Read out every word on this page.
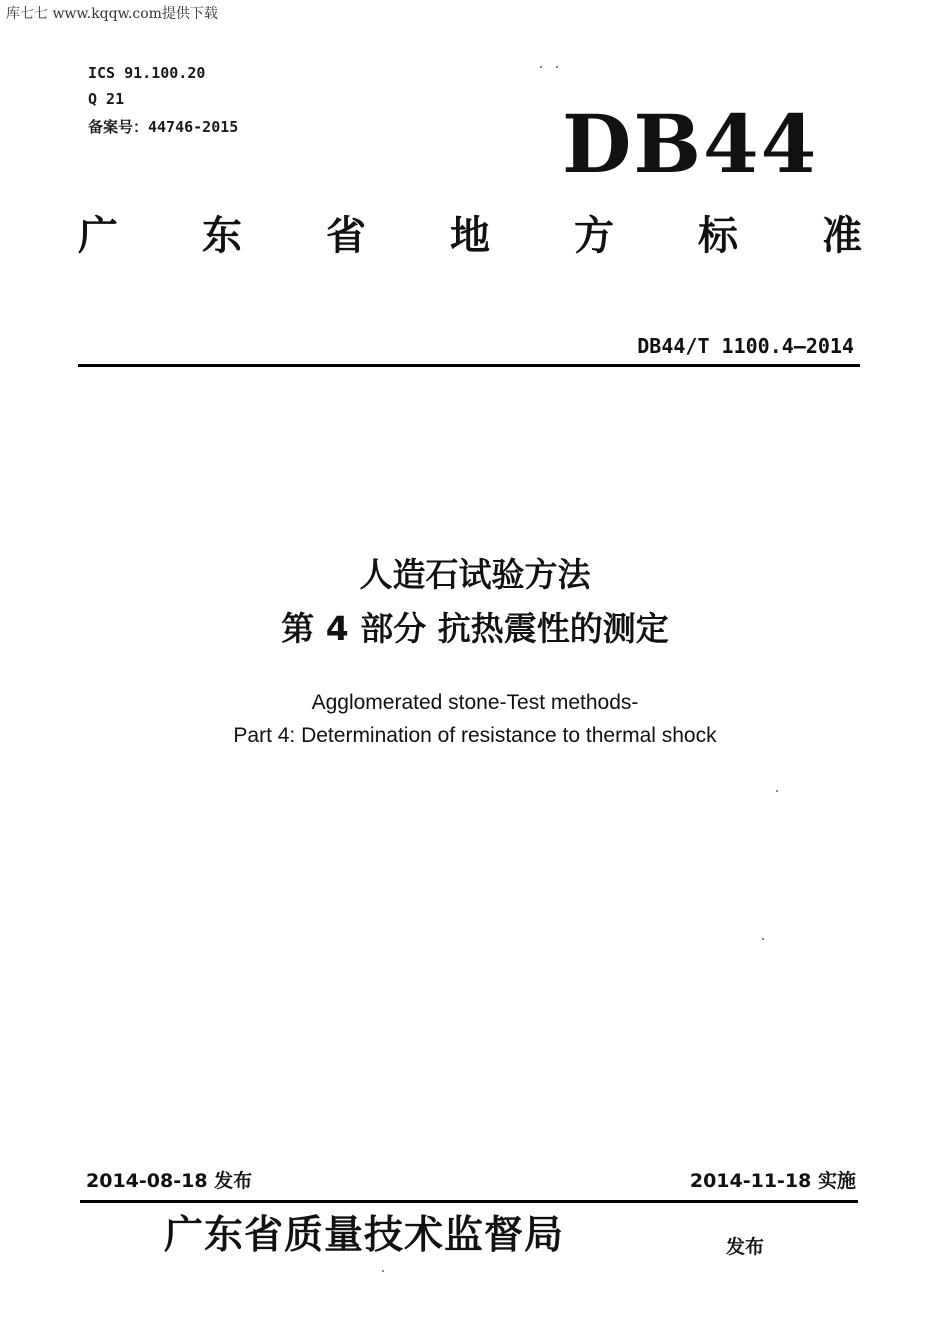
库七七 www.kqqw.com提供下载
ICS 91.100.20
Q 21
备案号：44746-2015	DB44
广 东 省 地 方 标 准
DB44/T 1100.4—2014
人造石试验方法
第 4 部分 抗热震性的测定
Agglomerated stone-Test methods-
Part 4: Determination of resistance to thermal shock
2014-08-18 发布	2014-11-18 实施
广东省质量技术监督局	发布
